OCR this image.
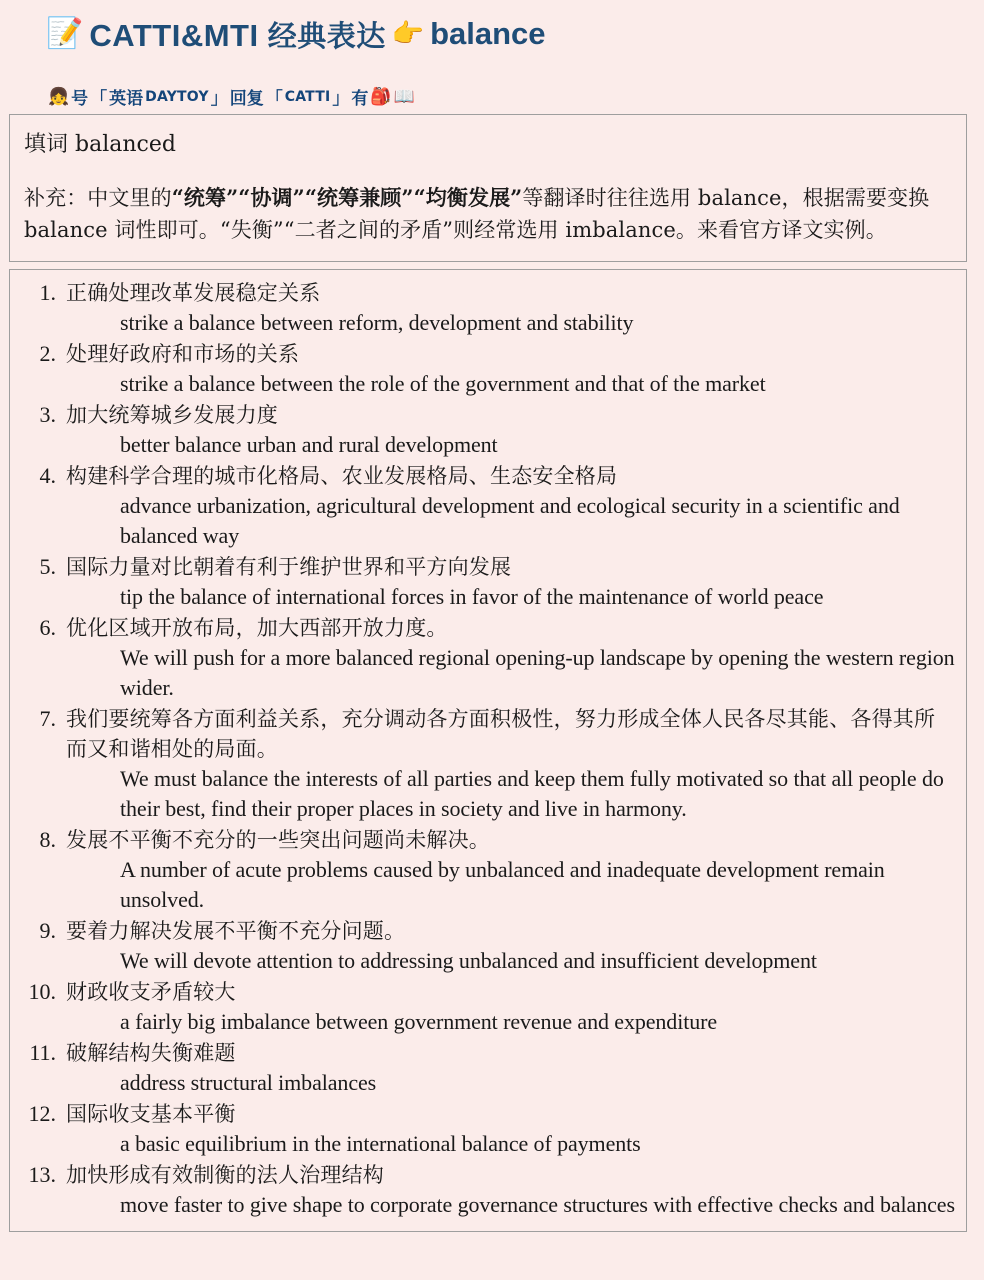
📝 CATTI&MTI 经典表达 👉 balance
👧 号 「 英语 DAYTOY 」 回复 「 CATTI 」 有 🎒 📖
填词 balanced
补充：中文里的“统筹”“协调”“统筹兼顾”“均衡发展”等翻译时往往选用 balance，根据需要变换 balance 词性即可。“失衡”“二者之间的矛盾”则经常选用 imbalance。来看官方译文实例。
正确处理改革发展稳定关系
strike a balance between reform, development and stability
处理好政府和市场的关系
strike a balance between the role of the government and that of the market
加大统筹城乡发展力度
better balance urban and rural development
构建科学合理的城市化格局、农业发展格局、生态安全格局
advance urbanization, agricultural development and ecological security in a scientific and balanced way
国际力量对比朝着有利于维护世界和平方向发展
tip the balance of international forces in favor of the maintenance of world peace
优化区域开放布局，加大西部开放力度。
We will push for a more balanced regional opening-up landscape by opening the western region wider.
我们要统筹各方面利益关系，充分调动各方面积极性，努力形成全体人民各尽其能、各得其所而又和谐相处的局面。
We must balance the interests of all parties and keep them fully motivated so that all people do their best, find their proper places in society and live in harmony.
发展不平衡不充分的一些突出问题尚未解决。
A number of acute problems caused by unbalanced and inadequate development remain unsolved.
要着力解决发展不平衡不充分问题。
We will devote attention to addressing unbalanced and insufficient development
财政收支矛盾较大
a fairly big imbalance between government revenue and expenditure
破解结构失衡难题
address structural imbalances
国际收支基本平衡
a basic equilibrium in the international balance of payments
加快形成有效制衡的法人治理结构
move faster to give shape to corporate governance structures with effective checks and balances
